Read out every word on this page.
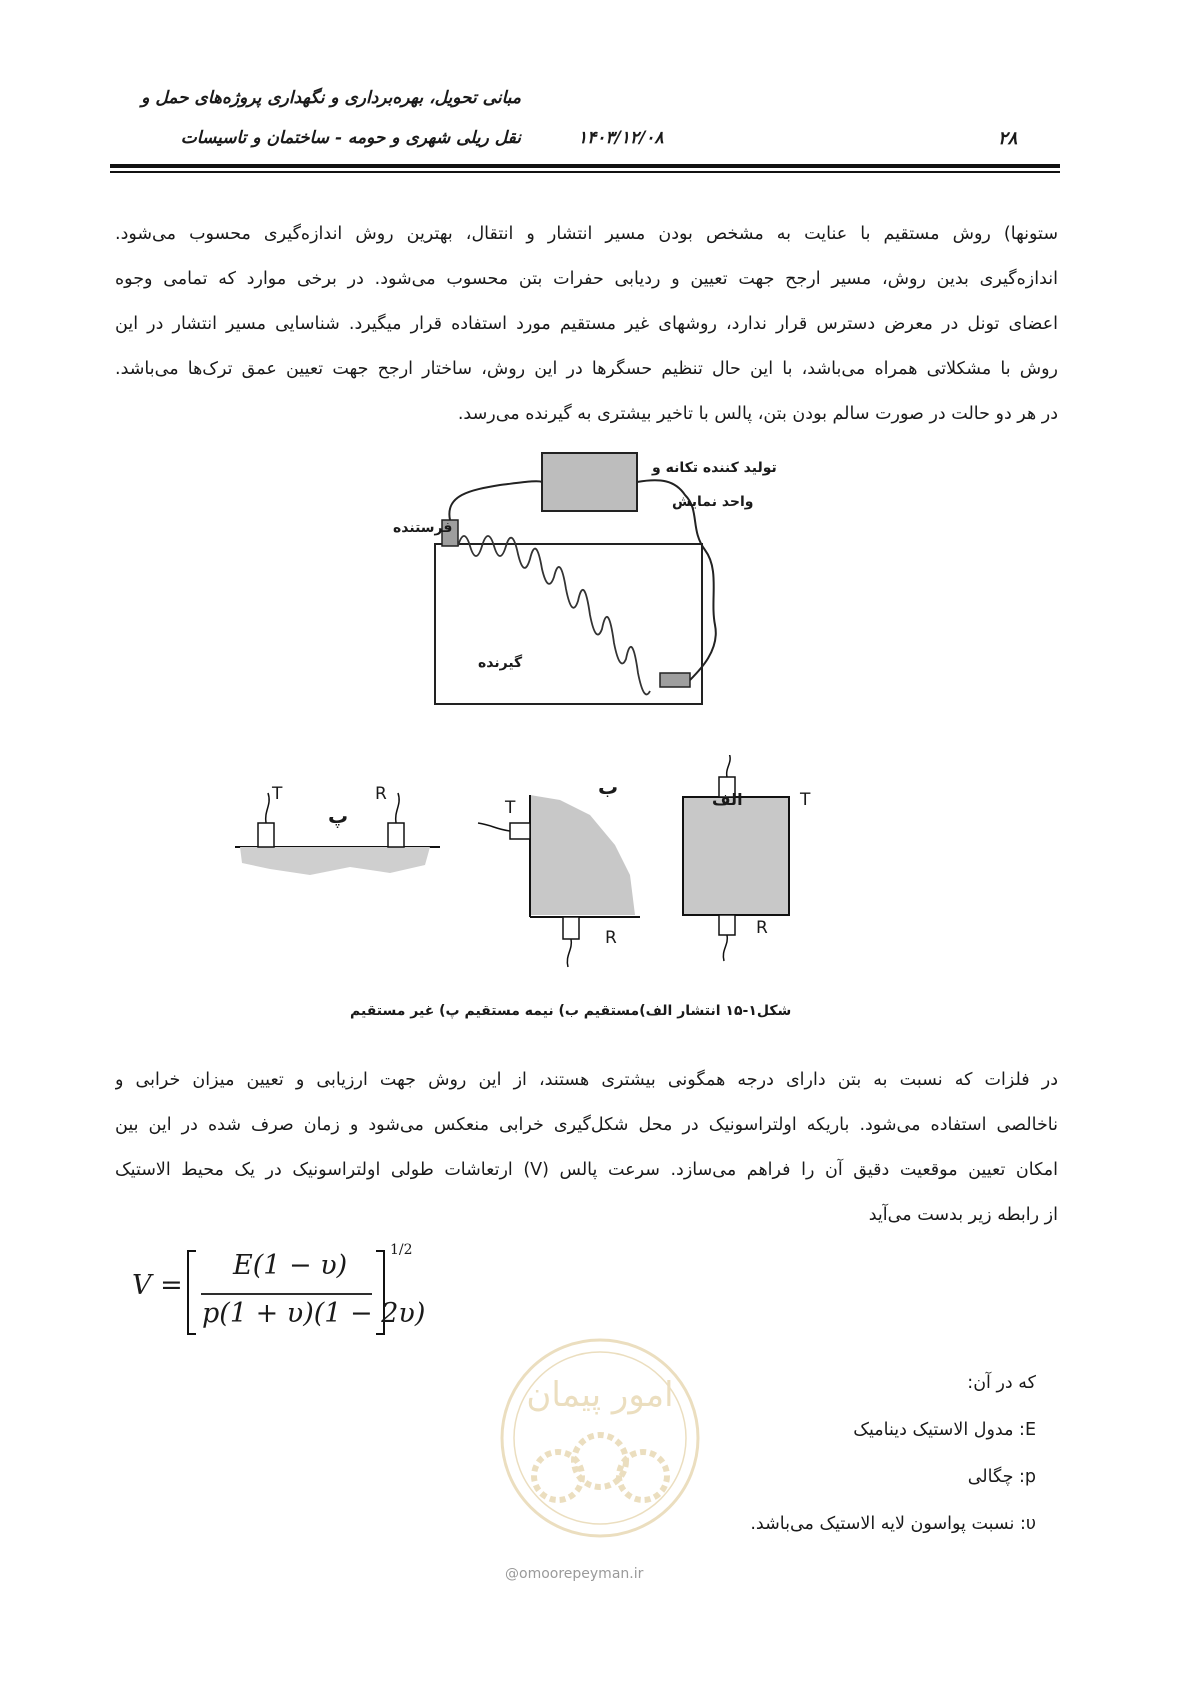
مبانی تحویل، بهره‌برداری و نگهداری پروژه‌های حمل و
نقل ریلی شهری و حومه - ساختمان و تاسیسات	۱۴۰۳/۱۲/۰۸	۲۸
ستونها) روش مستقیم با عنایت به مشخص بودن مسیر انتشار و انتقال، بهترین روش اندازه‌گیری محسوب می‌شود.
اندازه‌گیری بدین روش، مسیر ارجح جهت تعیین و ردیابی حفرات بتن محسوب می‌شود. در برخی موارد که تمامی وجوه
اعضای تونل در معرض دسترس قرار ندارد، روشهای غیر مستقیم مورد استفاده قرار میگیرد. شناسایی مسیر انتشار در این
روش با مشکلاتی همراه می‌باشد، با این حال تنظیم حسگرها در این روش، ساختار ارجح جهت تعیین عمق ترک‌ها می‌باشد.
در هر دو حالت در صورت سالم بودن بتن، پالس با تاخیر بیشتری به گیرنده می‌رسد.
تولید کننده تکانه و
واحد نمایش
فرستنده
گیرنده
پ
T	R	ب
T
R
الف	T
R
شکل۱-۱۵ انتشار الف)مستقیم ب) نیمه مستقیم پ) غیر مستقیم
در فلزات که نسبت به بتن دارای درجه همگونی بیشتری هستند، از این روش جهت ارزیابی و تعیین میزان خرابی و
ناخالصی استفاده می‌شود. باریکه اولتراسونیک در محل شکل‌گیری خرابی منعکس می‌شود و زمان صرف شده در این بین
امکان تعیین موقعیت دقیق آن را فراهم می‌سازد. سرعت پالس (V) ارتعاشات طولی اولتراسونیک در یک محیط الاستیک
از رابطه زیر بدست می‌آید
V =
E(1 − υ)
p(1 + υ)(1 − 2υ)
1/2
امور پیمان
@omoorepeyman.ir
که در آن:
E: مدول الاستیک دینامیک
p: چگالی
υ: نسبت پواسون لایه الاستیک می‌باشد.
